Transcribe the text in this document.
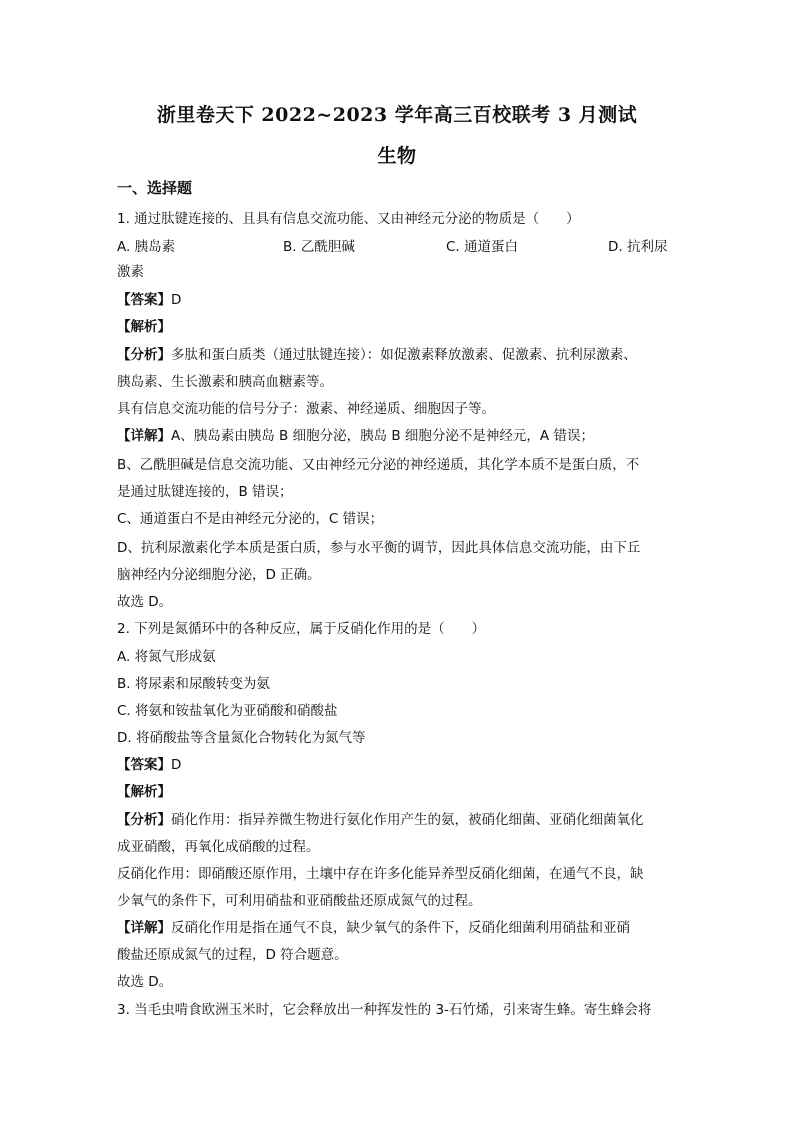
浙里卷天下 2022~2023 学年高三百校联考 3 月测试
生物
一、选择题
1. 通过肽键连接的、且具有信息交流功能、又由神经元分泌的物质是（　　）
A. 胰岛素	B. 乙酰胆碱	C. 通道蛋白	D. 抗利尿
激素
【答案】D
【解析】
【分析】多肽和蛋白质类（通过肽键连接）：如促激素释放激素、促激素、抗利尿激素、
胰岛素、生长激素和胰高血糖素等。
具有信息交流功能的信号分子：激素、神经递质、细胞因子等。
【详解】A、胰岛素由胰岛 B 细胞分泌，胰岛 B 细胞分泌不是神经元，A 错误；
B、乙酰胆碱是信息交流功能、又由神经元分泌的神经递质，其化学本质不是蛋白质，不
是通过肽键连接的，B 错误；
C、通道蛋白不是由神经元分泌的，C 错误；
D、抗利尿激素化学本质是蛋白质，参与水平衡的调节，因此具体信息交流功能，由下丘
脑神经内分泌细胞分泌，D 正确。
故选 D。
2. 下列是氮循环中的各种反应，属于反硝化作用的是（　　）
A. 将氮气形成氨
B. 将尿素和尿酸转变为氨
C. 将氨和铵盐氧化为亚硝酸和硝酸盐
D. 将硝酸盐等含量氮化合物转化为氮气等
【答案】D
【解析】
【分析】硝化作用：指异养微生物进行氨化作用产生的氨，被硝化细菌、亚硝化细菌氧化
成亚硝酸，再氧化成硝酸的过程。
反硝化作用：即硝酸还原作用，土壤中存在许多化能异养型反硝化细菌，在通气不良，缺
少氧气的条件下，可利用硝盐和亚硝酸盐还原成氮气的过程。
【详解】反硝化作用是指在通气不良，缺少氧气的条件下，反硝化细菌利用硝盐和亚硝
酸盐还原成氮气的过程，D 符合题意。
故选 D。
3. 当毛虫啃食欧洲玉米时，它会释放出一种挥发性的 3-石竹烯，引来寄生蜂。寄生蜂会将
